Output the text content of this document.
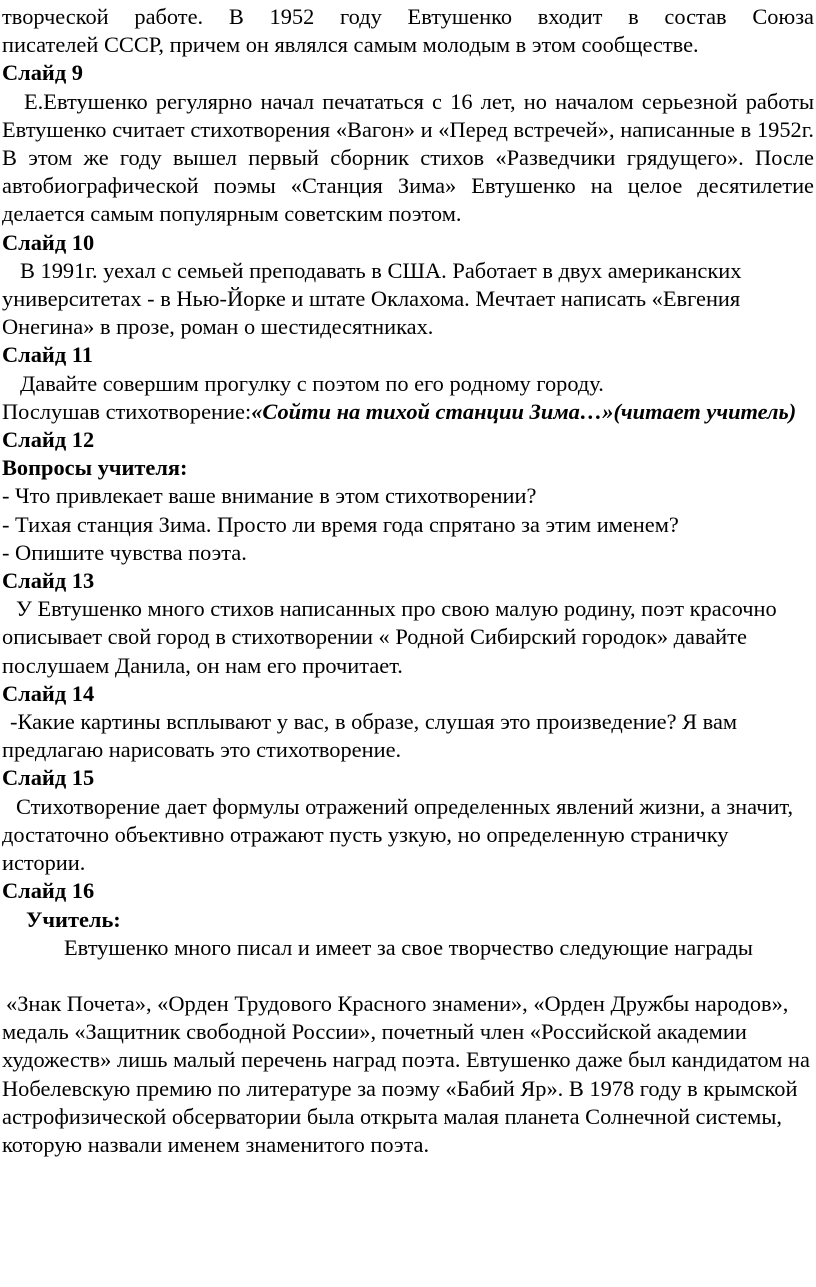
творческой работе. В 1952 году Евтушенко входит в состав Союза

писателей СССР, причем он являлся самым молодым в этом сообществе.

Слайд 9

Е.Евтушенко регулярно начал печататься с 16 лет, но началом серьезной работы Евтушенко считает стихотворения «Вагон» и «Перед встречей», написанные в 1952г. В этом же году вышел первый сборник стихов «Разведчики грядущего». После автобиографической поэмы «Станция Зима» Евтушенко на целое десятилетие делается самым популярным советским поэтом.

Слайд 10

В 1991г. уехал с семьей преподавать в США. Работает в двух американских университетах - в Нью-Йорке и штате Оклахома. Мечтает написать «Евгения Онегина» в прозе, роман о шестидесятниках.

Слайд 11

Давайте совершим прогулку с поэтом по его родному городу.

Послушав стихотворение:«Сойти на тихой станции Зима…»(читает учитель)

Слайд 12

Вопросы учителя:

- Что привлекает ваше внимание в этом стихотворении?

- Тихая станция Зима. Просто ли время года спрятано за этим именем?

- Опишите чувства поэта.

Слайд 13

У Евтушенко много стихов написанных про свою малую родину, поэт красочно описывает свой город в стихотворении « Родной Сибирский городок» давайте послушаем Данила, он нам его прочитает.

Слайд 14

-Какие картины всплывают у вас, в образе, слушая это произведение? Я вам предлагаю нарисовать это стихотворение.

Слайд 15

Стихотворение дает формулы отражений определенных явлений жизни, а значит, достаточно объективно отражают пусть узкую, но определенную страничку истории.

Слайд 16

Учитель:

Евтушенко много писал и имеет за свое творчество следующие награды

«Знак Почета», «Орден Трудового Красного знамени», «Орден Дружбы народов», медаль «Защитник свободной России», почетный член «Российской академии художеств» лишь малый перечень наград поэта. Евтушенко даже был кандидатом на Нобелевскую премию по литературе за поэму «Бабий Яр». В 1978 году в крымской астрофизической обсерватории была открыта малая планета Солнечной системы, которую назвали именем знаменитого поэта.
